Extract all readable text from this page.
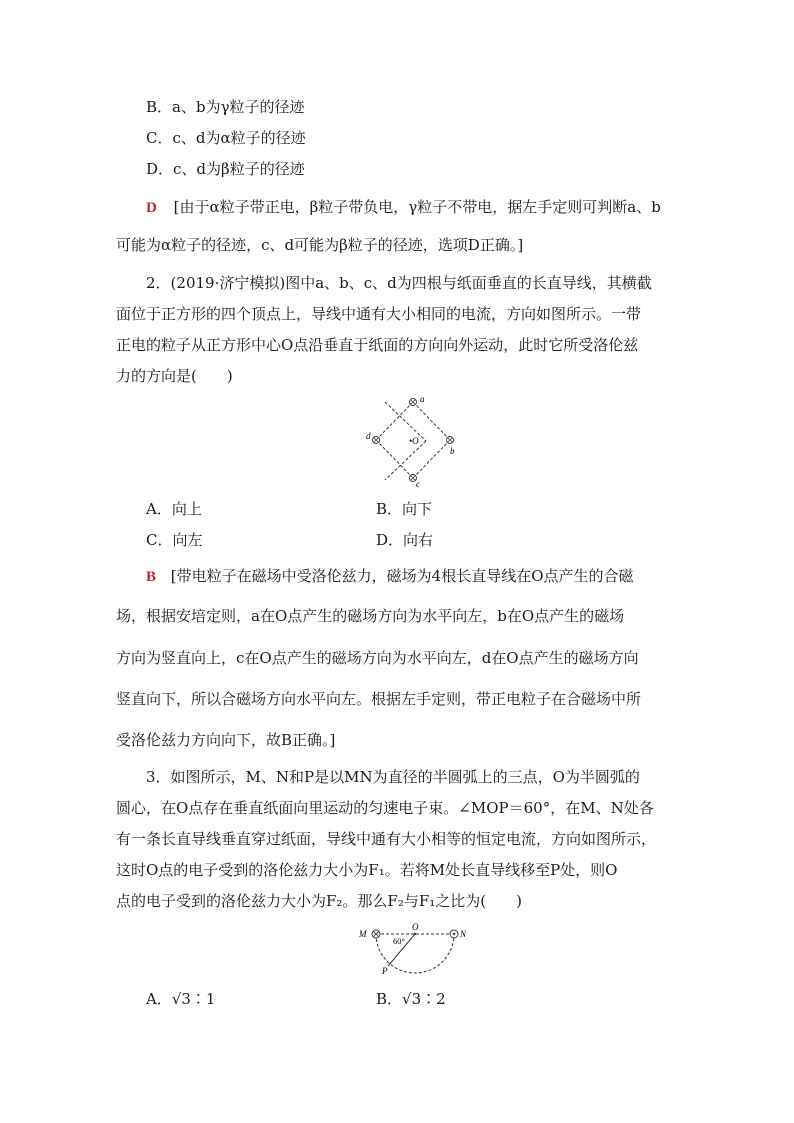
B．a、b为γ粒子的径迹
C．c、d为α粒子的径迹
D．c、d为β粒子的径迹
D [由于α粒子带正电，β粒子带负电，γ粒子不带电，据左手定则可判断a、b
可能为α粒子的径迹，c、d可能为β粒子的径迹，选项D正确。]
2．(2019·济宁模拟)图中a、b、c、d为四根与纸面垂直的长直导线，其横截
面位于正方形的四个顶点上，导线中通有大小相同的电流，方向如图所示。一带
正电的粒子从正方形中心O点沿垂直于纸面的方向向外运动，此时它所受洛伦兹
力的方向是(　　)
a
b
c
d	•O
A．向上	B．向下
C．向左	D．向右
B [带电粒子在磁场中受洛伦兹力，磁场为4根长直导线在O点产生的合磁
场，根据安培定则，a在O点产生的磁场方向为水平向左，b在O点产生的磁场
方向为竖直向上，c在O点产生的磁场方向为水平向左，d在O点产生的磁场方向
竖直向下，所以合磁场方向水平向左。根据左手定则，带正电粒子在合磁场中所
受洛伦兹力方向向下，故B正确。]
3．如图所示，M、N和P是以MN为直径的半圆弧上的三点，O为半圆弧的
圆心，在O点存在垂直纸面向里运动的匀速电子束。∠MOP＝60°，在M、N处各
有一条长直导线垂直穿过纸面，导线中通有大小相等的恒定电流，方向如图所示，
这时O点的电子受到的洛伦兹力大小为F₁。若将M处长直导线移至P处，则O
点的电子受到的洛伦兹力大小为F₂。那么F₂与F₁之比为(　　)
M	N
O
P
60°
A．√3∶1	B．√3∶2
